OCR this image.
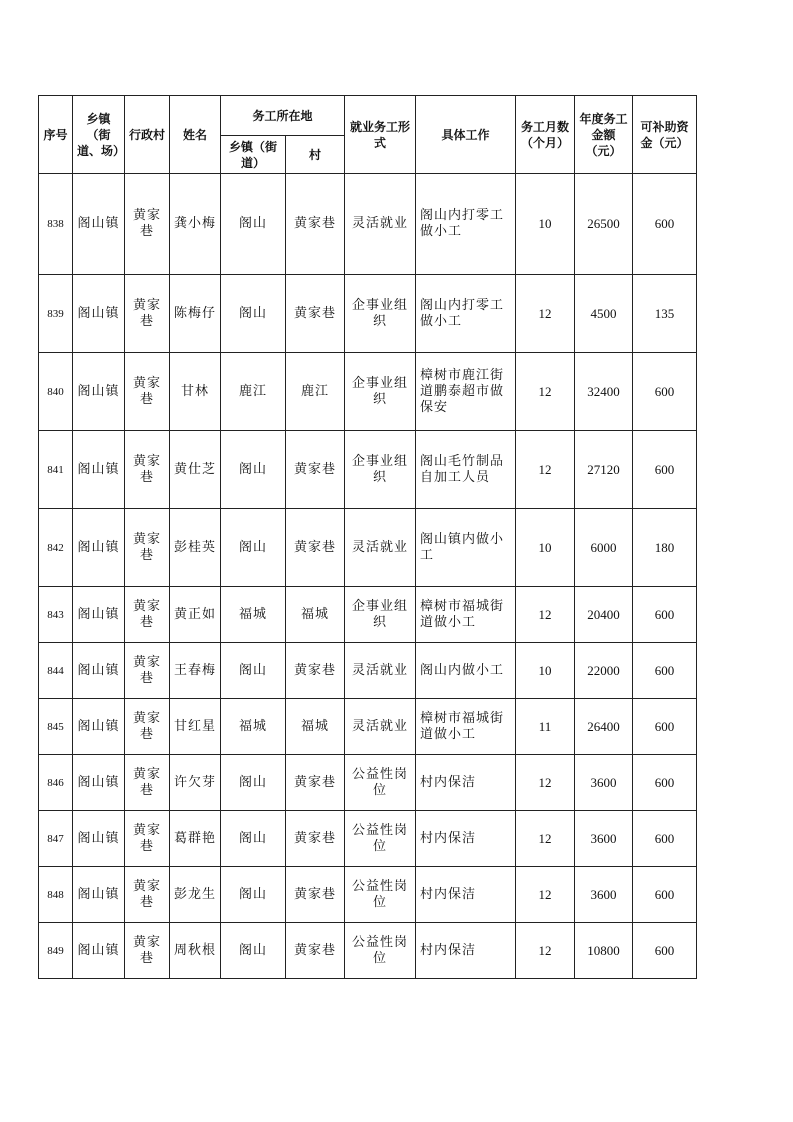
序号	乡镇（街道、场）	行政村	姓名	务工所在地		就业务工形式	具体工作	务工月数（个月）	年度务工金额（元）	可补助资金（元）
				乡镇（街道）	村					
838	阁山镇	黄家巷	龚小梅	阁山	黄家巷	灵活就业	阁山内打零工做小工	10	26500	600
839	阁山镇	黄家巷	陈梅仔	阁山	黄家巷	企事业组织	阁山内打零工做小工	12	4500	135
840	阁山镇	黄家巷	甘林	鹿江	鹿江	企事业组织	樟树市鹿江街道鹏泰超市做保安	12	32400	600
841	阁山镇	黄家巷	黄仕芝	阁山	黄家巷	企事业组织	阁山毛竹制品自加工人员	12	27120	600
842	阁山镇	黄家巷	彭桂英	阁山	黄家巷	灵活就业	阁山镇内做小工	10	6000	180
843	阁山镇	黄家巷	黄正如	福城	福城	企事业组织	樟树市福城街道做小工	12	20400	600
844	阁山镇	黄家巷	王春梅	阁山	黄家巷	灵活就业	阁山内做小工	10	22000	600
845	阁山镇	黄家巷	甘红星	福城	福城	灵活就业	樟树市福城街道做小工	11	26400	600
846	阁山镇	黄家巷	许欠芽	阁山	黄家巷	公益性岗位	村内保洁	12	3600	600
847	阁山镇	黄家巷	葛群艳	阁山	黄家巷	公益性岗位	村内保洁	12	3600	600
848	阁山镇	黄家巷	彭龙生	阁山	黄家巷	公益性岗位	村内保洁	12	3600	600
849	阁山镇	黄家巷	周秋根	阁山	黄家巷	公益性岗位	村内保洁	12	10800	600
